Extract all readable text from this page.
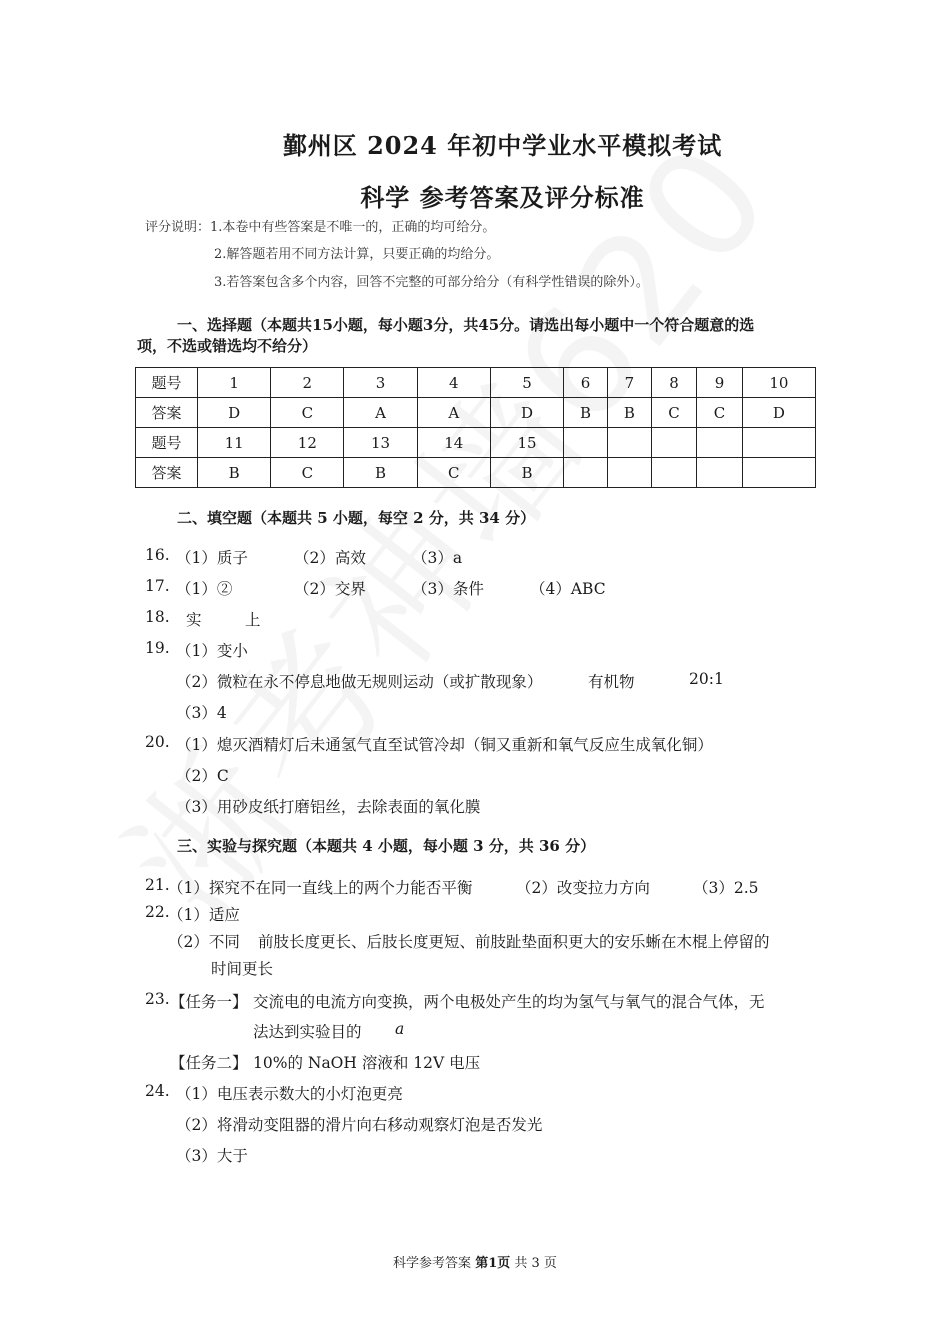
鄞州区 2024 年初中学业水平模拟考试
科学 参考答案及评分标准
评分说明：1.本卷中有些答案是不唯一的，正确的均可给分。
2.解答题若用不同方法计算，只要正确的均给分。
3.若答案包含多个内容，回答不完整的可部分给分（有科学性错误的除外）。
一、选择题（本题共15小题，每小题3分，共45分。请选出每小题中一个符合题意的选
项，不选或错选均不给分）
题号	1	2	3	4	5	6	7	8	9	10
答案	D	C	A	A	D	B	B	C	C	D
题号	11	12	13	14	15					
答案	B	C	B	C	B					
二、填空题（本题共 5 小题，每空 2 分，共 34 分）
16. （1）质子	（2）高效	（3）a
17. （1）②	（2）交界	（3）条件	（4）ABC
18. 实	上
19. （1）变小
（2）微粒在永不停息地做无规则运动（或扩散现象）	有机物	20:1
（3）4
20. （1）熄灭酒精灯后未通氢气直至试管冷却（铜又重新和氧气反应生成氧化铜）
（2）C
（3）用砂皮纸打磨铝丝，去除表面的氧化膜
三、实验与探究题（本题共 4 小题，每小题 3 分，共 36 分）
21.
（1）探究不在同一直线上的两个力能否平衡	（2）改变拉力方向	（3）2.5
22.
（1）适应
（2）不同 前肢长度更长、后肢长度更短、前肢趾垫面积更大的安乐蜥在木棍上停留的
时间更长
23. 【任务一】 交流电的电流方向变换，两个电极处产生的均为氢气与氧气的混合气体，无
法达到实验目的 a
【任务二】 10%的 NaOH 溶液和 12V 电压
24. （1）电压表示数大的小灯泡更亮
（2）将滑动变阻器的滑片向右移动观察灯泡是否发光
（3）大于
科学参考答案 第1页 共 3 页
